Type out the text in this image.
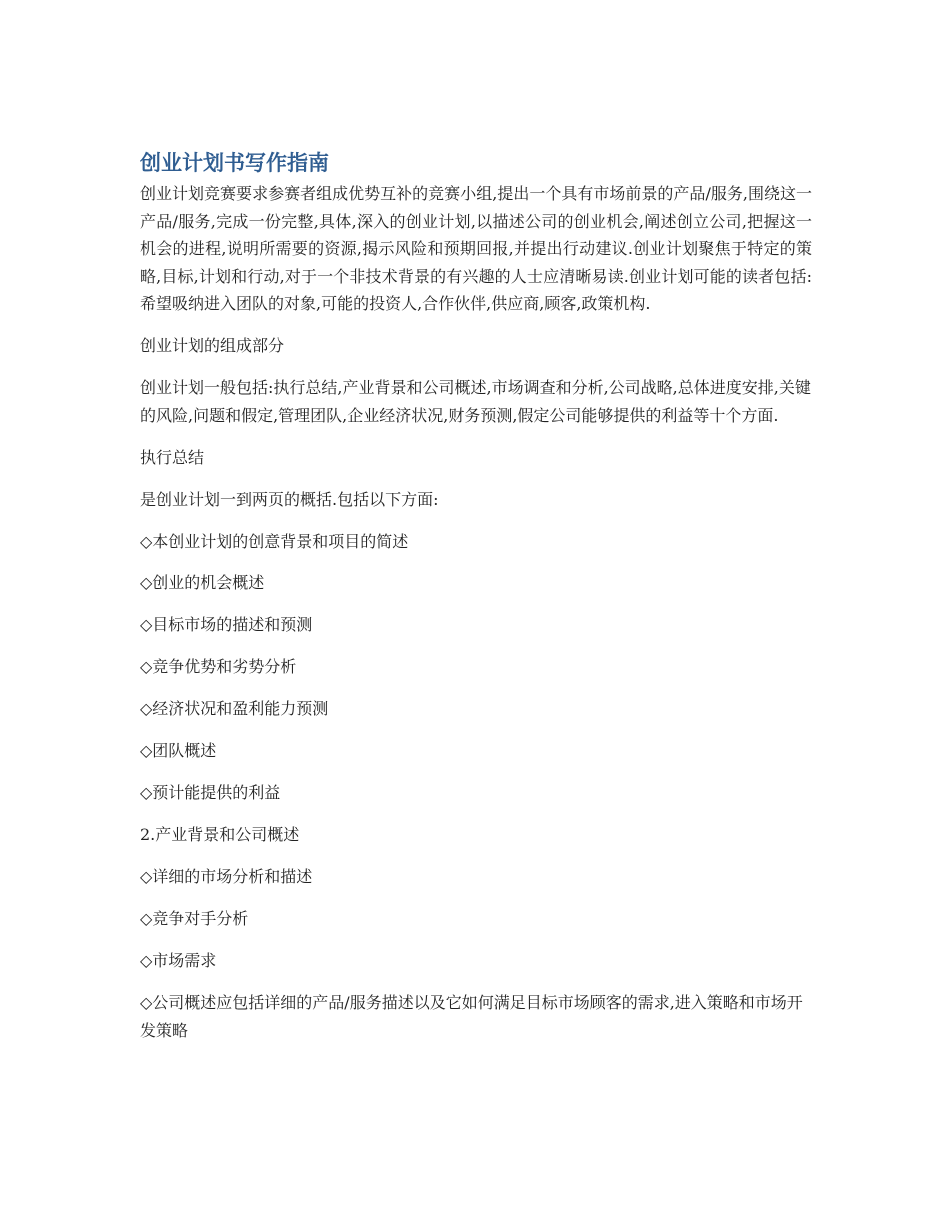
创业计划书写作指南

创业计划竞赛要求参赛者组成优势互补的竞赛小组,提出一个具有市场前景的产品/服务,围绕这一产品/服务,完成一份完整,具体,深入的创业计划,以描述公司的创业机会,阐述创立公司,把握这一机会的进程,说明所需要的资源,揭示风险和预期回报,并提出行动建议.创业计划聚焦于特定的策略,目标,计划和行动,对于一个非技术背景的有兴趣的人士应清晰易读.创业计划可能的读者包括:希望吸纳进入团队的对象,可能的投资人,合作伙伴,供应商,顾客,政策机构.

创业计划的组成部分

创业计划一般包括:执行总结,产业背景和公司概述,市场调查和分析,公司战略,总体进度安排,关键的风险,问题和假定,管理团队,企业经济状况,财务预测,假定公司能够提供的利益等十个方面.

执行总结

是创业计划一到两页的概括.包括以下方面:

◇本创业计划的创意背景和项目的简述

◇创业的机会概述

◇目标市场的描述和预测

◇竞争优势和劣势分析

◇经济状况和盈利能力预测

◇团队概述

◇预计能提供的利益

2.产业背景和公司概述

◇详细的市场分析和描述

◇竞争对手分析

◇市场需求

◇公司概述应包括详细的产品/服务描述以及它如何满足目标市场顾客的需求,进入策略和市场开发策略
